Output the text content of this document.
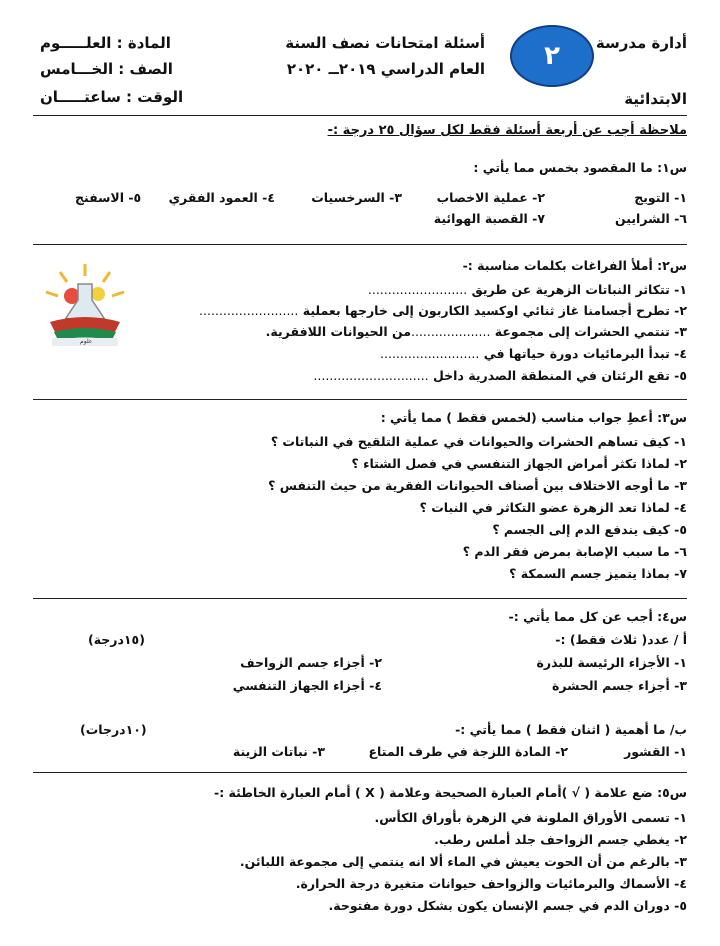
أدارة مدرسة
الابتدائية
٢
أسئلة امتحانات نصف السنة
العام الدراسي ٢٠١٩ــ ٢٠٢٠
المادة : العلـــــوم
الصف : الخـــامس
الوقت : ساعتـــــان
ملاحظة أجب عن أربعة أسئلة فقط لكل سؤال ٢٥ درجة :-
س١: ما المقصود بخمس مما يأتي :
١- التويج
٢- عملية الاخصاب
٣- السرخسيات
٤- العمود الفقري
٥- الاسفنج
٦- الشرايين
٧- القصبة الهوائية
س٢: أملأ الفراغات بكلمات مناسبة :-
١- تتكاثر النباتات الزهرية عن طريق .........................
٢- تطرح أجسامنا غاز ثنائي اوكسيد الكاربون إلى خارجها بعملية .........................
٣- تنتمي الحشرات إلى مجموعة ....................من الحيوانات اللافقرية.
٤- تبدأ البرمائيات دورة حياتها في .........................
٥- تقع الرئتان في المنطقة الصدرية داخل .............................
علوم
س٣: أعطِ جواب مناسب (لخمس فقط ) مما يأتي :
١- كيف تساهم الحشرات والحيوانات في عملية التلقيح في النباتات ؟
٢- لماذا تكثر أمراض الجهاز التنفسي في فصل الشتاء ؟
٣- ما أوجه الاختلاف بين أصناف الحيوانات الفقرية من حيث التنفس ؟
٤- لماذا تعد الزهرة عضو التكاثر في النبات ؟
٥- كيف يندفع الدم إلى الجسم ؟
٦- ما سبب الإصابة بمرض فقر الدم ؟
٧- بماذا يتميز جسم السمكة ؟
س٤: أجب عن كل مما يأتي :-
أ / عدد( ثلاث فقط) :-
(١٥درجة)
١- الأجزاء الرئيسة للبذرة
٢- أجزاء جسم الزواحف
٣- أجزاء جسم الحشرة
٤- أجزاء الجهاز التنفسي
ب/ ما أهمية ( اثنان فقط ) مما يأتي :-
(١٠درجات)
١- القشور
٢- المادة اللزجة في طرف المتاع
٣- نباتات الزينة
س٥: ضع علامة ( √ )أمام العبارة الصحيحة وعلامة ( X ) أمام العبارة الخاطئة :-
١- تسمى الأوراق الملونة في الزهرة بأوراق الكأس.
٢- يغطي جسم الزواحف جلد أملس رطب.
٣- بالرغم من أن الحوت يعيش في الماء ألا انه ينتمي إلى مجموعة اللبائن.
٤- الأسماك والبرمائيات والزواحف حيوانات متغيرة درجة الحرارة.
٥- دوران الدم في جسم الإنسان يكون بشكل دورة مفتوحة.
